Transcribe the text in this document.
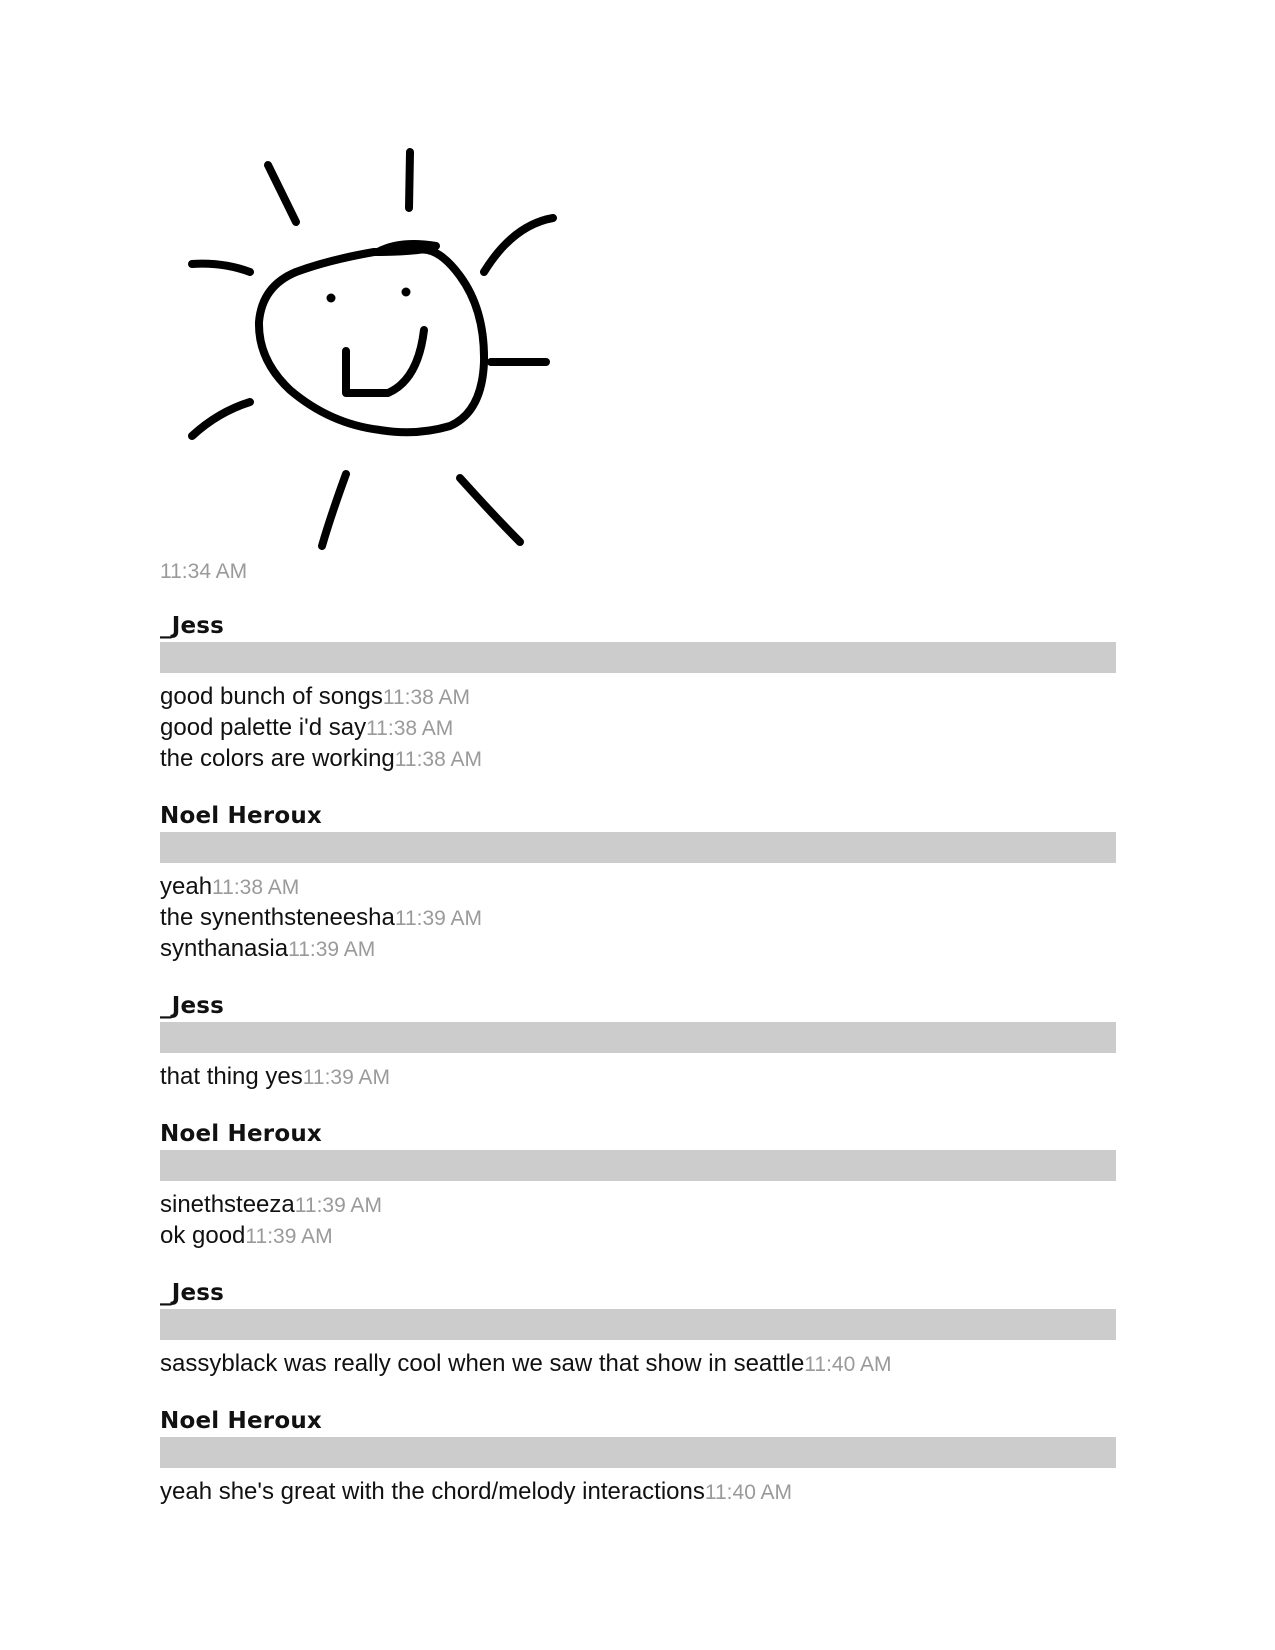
11:34 AM
_Jess
good bunch of songs11:38 AM
good palette i'd say11:38 AM
the colors are working11:38 AM
Noel Heroux
yeah11:38 AM
the synenthsteneesha11:39 AM
synthanasia11:39 AM
_Jess
that thing yes11:39 AM
Noel Heroux
sinethsteeza11:39 AM
ok good11:39 AM
_Jess
sassyblack was really cool when we saw that show in seattle11:40 AM
Noel Heroux
yeah she's great with the chord/melody interactions11:40 AM
